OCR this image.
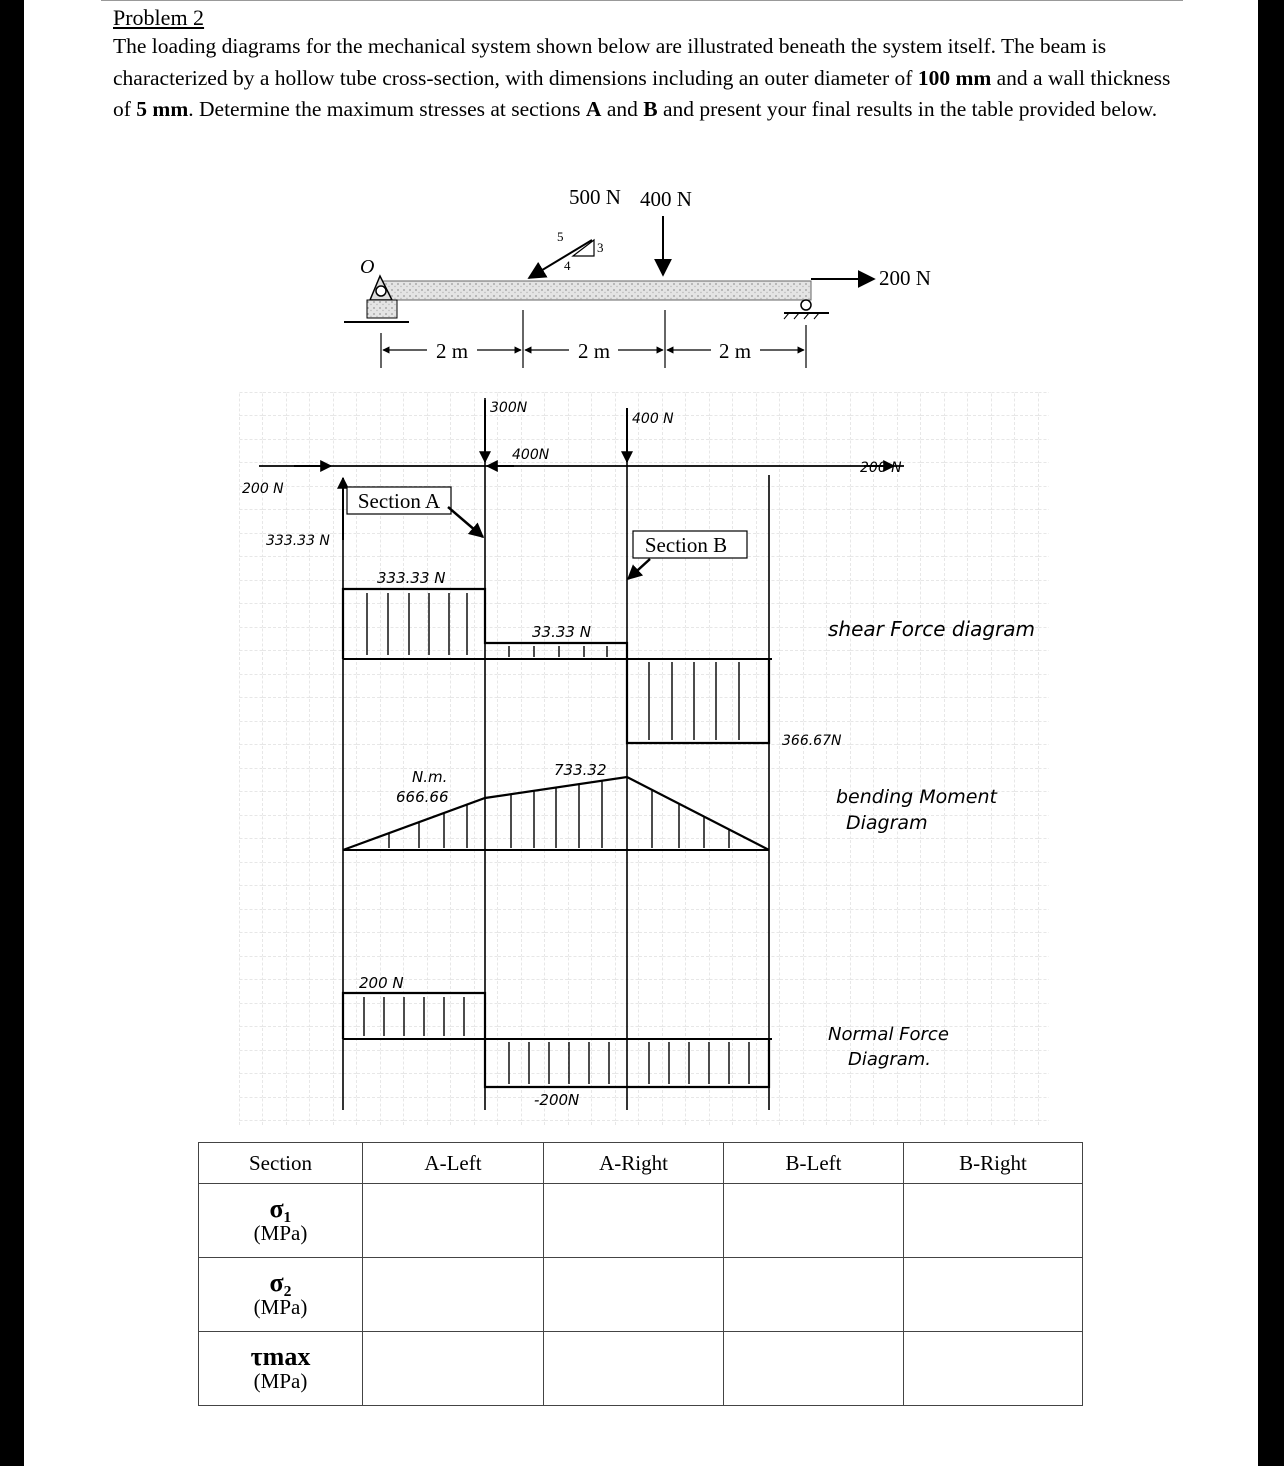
Problem 2
The loading diagrams for the mechanical system shown below are illustrated beneath the system itself. The beam is characterized by a hollow tube cross-section, with dimensions including an outer diameter of 100 mm and a wall thickness of 5 mm. Determine the maximum stresses at sections A and B and present your final results in the table provided below.
O
500 N 400 N
200 N
5
3
4
2 m	2 m	2 m
200 N
300N
400N
400 N
200 N
333.33 N
Section A
Section B
333.33 N
33.33 N
366.67N
shear Force diagram
N.m.
666.66
733.32
bending Moment
Diagram
200 N
-200N
Normal Force
Diagram.
Section	A-Left	A-Right	B-Left	B-Right

σ₁
(MPa)				

σ₂
(MPa)				

τmax
(MPa)				
